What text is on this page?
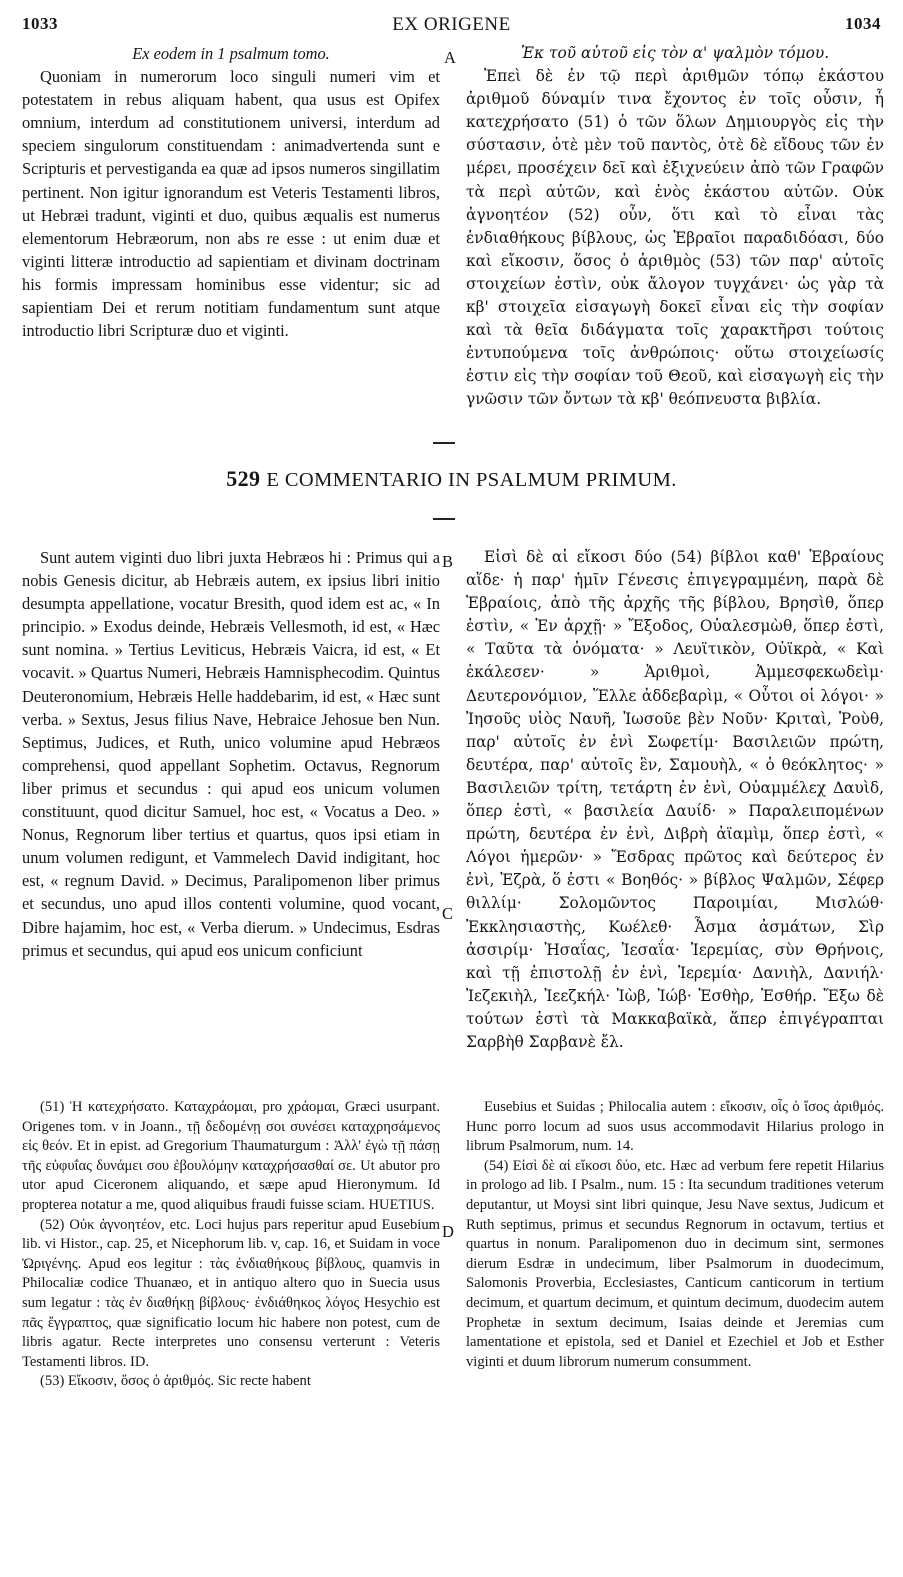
1033	EX ORIGENE	1034

Ex eodem in 1 psalmum tomo.

Quoniam in numerorum loco singuli numeri vim et potestatem in rebus aliquam habent, qua usus est Opifex omnium, interdum ad constitutionem universi, interdum ad speciem singulorum constituendam : animadvertenda sunt e Scripturis et pervestiganda ea quæ ad ipsos numeros singillatim pertinent. Non igitur ignorandum est Veteris Testamenti libros, ut Hebræi tradunt, viginti et duo, quibus æqualis est numerus elementorum Hebræorum, non abs re esse : ut enim duæ et viginti litteræ introductio ad sapientiam et divinam doctrinam his formis impressam hominibus esse videntur; sic ad sapientiam Dei et rerum notitiam fundamentum sunt atque introductio libri Scripturæ duo et viginti.

A	Ἐκ τοῦ αὐτοῦ εἰς τὸν α' ψαλμὸν τόμου.

Ἐπεὶ δὲ ἐν τῷ περὶ ἀριθμῶν τόπῳ ἑκάστου ἀριθμοῦ δύναμίν τινα ἔχοντος ἐν τοῖς οὖσιν, ἧ κατεχρήσατο (51) ὁ τῶν ὅλων Δημιουργὸς εἰς τὴν σύστασιν, ὁτὲ μὲν τοῦ παντὸς, ὁτὲ δὲ εἴδους τῶν ἐν μέρει, προσέχειν δεῖ καὶ ἐξιχνεύειν ἀπὸ τῶν Γραφῶν τὰ περὶ αὐτῶν, καὶ ἑνὸς ἑκάστου αὐτῶν. Οὐκ ἀγνοητέον (52) οὖν, ὅτι καὶ τὸ εἶναι τὰς ἐνδιαθήκους βίβλους, ὡς Ἑβραῖοι παραδιδόασι, δύο καὶ εἴκοσιν, ὅσος ὁ ἀριθμὸς (53) τῶν παρ' αὐτοῖς στοιχείων ἐστὶν, οὐκ ἄλογον τυγχάνει· ὡς γὰρ τὰ κβ' στοιχεῖα εἰσαγωγὴ δοκεῖ εἶναι εἰς τὴν σοφίαν καὶ τὰ θεῖα διδάγματα τοῖς χαρακτῆρσι τούτοις ἐντυπούμενα τοῖς ἀνθρώποις· οὕτω στοιχείωσίς ἐστιν εἰς τὴν σοφίαν τοῦ Θεοῦ, καὶ εἰσαγωγὴ εἰς τὴν γνῶσιν τῶν ὄντων τὰ κβ' θεόπνευστα βιβλία.

529 E COMMENTARIO IN PSALMUM PRIMUM.

Sunt autem viginti duo libri juxta Hebræos hi : Primus qui a nobis Genesis dicitur, ab Hebræis autem, ex ipsius libri initio desumpta appellatione, vocatur Bresith, quod idem est ac, « In principio. » Exodus deinde, Hebræis Vellesmoth, id est, « Hæc sunt nomina. » Tertius Leviticus, Hebræis Vaicra, id est, « Et vocavit. » Quartus Numeri, Hebræis Hamnisphecodim. Quintus Deuteronomium, Hebræis Helle haddebarim, id est, « Hæc sunt verba. » Sextus, Jesus filius Nave, Hebraice Jehosue ben Nun. Septimus, Judices, et Ruth, unico volumine apud Hebræos comprehensi, quod appellant Sophetim. Octavus, Regnorum liber primus et secundus : qui apud eos unicum volumen constituunt, quod dicitur Samuel, hoc est, « Vocatus a Deo. » Nonus, Regnorum liber tertius et quartus, quos ipsi etiam in unum volumen redigunt, et Vammelech David indigitant, hoc est, « regnum David. » Decimus, Paralipomenon liber primus et secundus, uno apud illos contenti volumine, quod vocant, Dibre hajamim, hoc est, « Verba dierum. » Undecimus, Esdras primus et secundus, qui apud eos unicum conficiunt

B
C

Εἰσὶ δὲ αἱ εἴκοσι δύο (54) βίβλοι καθ' Ἑβραίους αἵδε· ἡ παρ' ἡμῖν Γένεσις ἐπιγεγραμμένη, παρὰ δὲ Ἑβραίοις, ἀπὸ τῆς ἀρχῆς τῆς βίβλου, Βρησὶθ, ὅπερ ἐστὶν, « Ἐν ἀρχῇ· » Ἔξοδος, Οὐαλεσμὼθ, ὅπερ ἐστὶ, « Ταῦτα τὰ ὀνόματα· » Λευϊτικὸν, Οὐϊκρὰ, « Καὶ ἐκάλεσεν· » Ἀριθμοὶ, Ἀμμεσφεκωδεὶμ· Δευτερονόμιον, Ἕλλε ἀδδεβαρὶμ, « Οὗτοι οἱ λόγοι· » Ἰησοῦς υἱὸς Ναυῆ, Ἰωσοῦε βὲν Νοῦν· Κριταὶ, Ῥοὺθ, παρ' αὐτοῖς ἐν ἑνὶ Σωφετίμ· Βασιλειῶν πρώτη, δευτέρα, παρ' αὐτοῖς ἓν, Σαμουὴλ, « ὁ θεόκλητος· » Βασιλειῶν τρίτη, τετάρτη ἐν ἑνὶ, Οὐαμμέλεχ Δαυὶδ, ὅπερ ἐστὶ, « βασιλεία Δαυίδ· » Παραλειπομένων πρώτη, δευτέρα ἐν ἑνὶ, Διβρὴ ἀϊαμὶμ, ὅπερ ἐστὶ, « Λόγοι ἡμερῶν· » Ἔσδρας πρῶτος καὶ δεύτερος ἐν ἑνὶ, Ἐζρὰ, ὅ ἐστι « Βοηθός· » βίβλος Ψαλμῶν, Σέφερ θιλλίμ· Σολομῶντος Παροιμίαι, Μισλώθ· Ἐκκλησιαστὴς, Κωέλεθ· Ἆσμα ἀσμάτων, Σὶρ ἀσσιρίμ· Ἡσαΐας, Ἰεσαΐα· Ἱερεμίας, σὺν Θρήνοις, καὶ τῇ ἐπιστολῇ ἐν ἑνὶ, Ἱερεμία· Δανιὴλ, Δανιήλ· Ἰεζεκιὴλ, Ἰεεζκήλ· Ἰὼβ, Ἰώβ· Ἐσθὴρ, Ἐσθήρ. Ἔξω δὲ τούτων ἐστὶ τὰ Μακκαβαϊκὰ, ἅπερ ἐπιγέγραπται Σαρβὴθ Σαρβανὲ ἔλ.

(51) Ἡ κατεχρήσατο. Καταχράομαι, pro χράομαι, Græci usurpant. Origenes tom. v in Joann., τῇ δεδομένῃ σοι συνέσει καταχρησάμενος εἰς θεόν. Et in epist. ad Gregorium Thaumaturgum : Ἀλλ' ἐγὼ τῇ πάσῃ τῆς εὐφυΐας δυνάμει σου ἐβουλόμην καταχρήσασθαί σε. Ut abutor pro utor apud Ciceronem aliquando, et sæpe apud Hieronymum. Id propterea notatur a me, quod aliquibus fraudi fuisse sciam. HUETIUS.

(52) Οὐκ ἀγνοητέον, etc. Loci hujus pars reperitur apud Eusebium lib. vi Histor., cap. 25, et Nicephorum lib. v, cap. 16, et Suidam in voce Ὠριγένης. Apud eos legitur : τὰς ἐνδιαθήκους βίβλους, quamvis in Philocaliæ codice Thuanæo, et in antiquo altero quo in Suecia usus sum legatur : τὰς ἐν διαθήκῃ βίβλους· ἐνδιάθηκος λόγος Hesychio est πᾶς ἔγγραπτος, quæ significatio locum hic habere non potest, cum de libris agatur. Recte interpretes uno consensu verterunt : Veteris Testamenti libros. ID.

(53) Εἴκοσιν, ὅσος ὁ ἀριθμός. Sic recte habent

D

Eusebius et Suidas ; Philocalia autem : εἴκοσιν, οἷς ὁ ἴσος ἀριθμός. Hunc porro locum ad suos usus accommodavit Hilarius prologo in librum Psalmorum, num. 14.

(54) Εἰσὶ δὲ αἱ εἴκοσι δύο, etc. Hæc ad verbum fere repetit Hilarius in prologo ad lib. I Psalm., num. 15 : Ita secundum traditiones veterum deputantur, ut Moysi sint libri quinque, Jesu Nave sextus, Judicum et Ruth septimus, primus et secundus Regnorum in octavum, tertius et quartus in nonum. Paralipomenon duo in decimum sint, sermones dierum Esdræ in undecimum, liber Psalmorum in duodecimum, Salomonis Proverbia, Ecclesiastes, Canticum canticorum in tertium decimum, et quartum decimum, et quintum decimum, duodecim autem Prophetæ in sextum decimum, Isaias deinde et Jeremias cum lamentatione et epistola, sed et Daniel et Ezechiel et Job et Esther viginti et duum librorum numerum consumment.
